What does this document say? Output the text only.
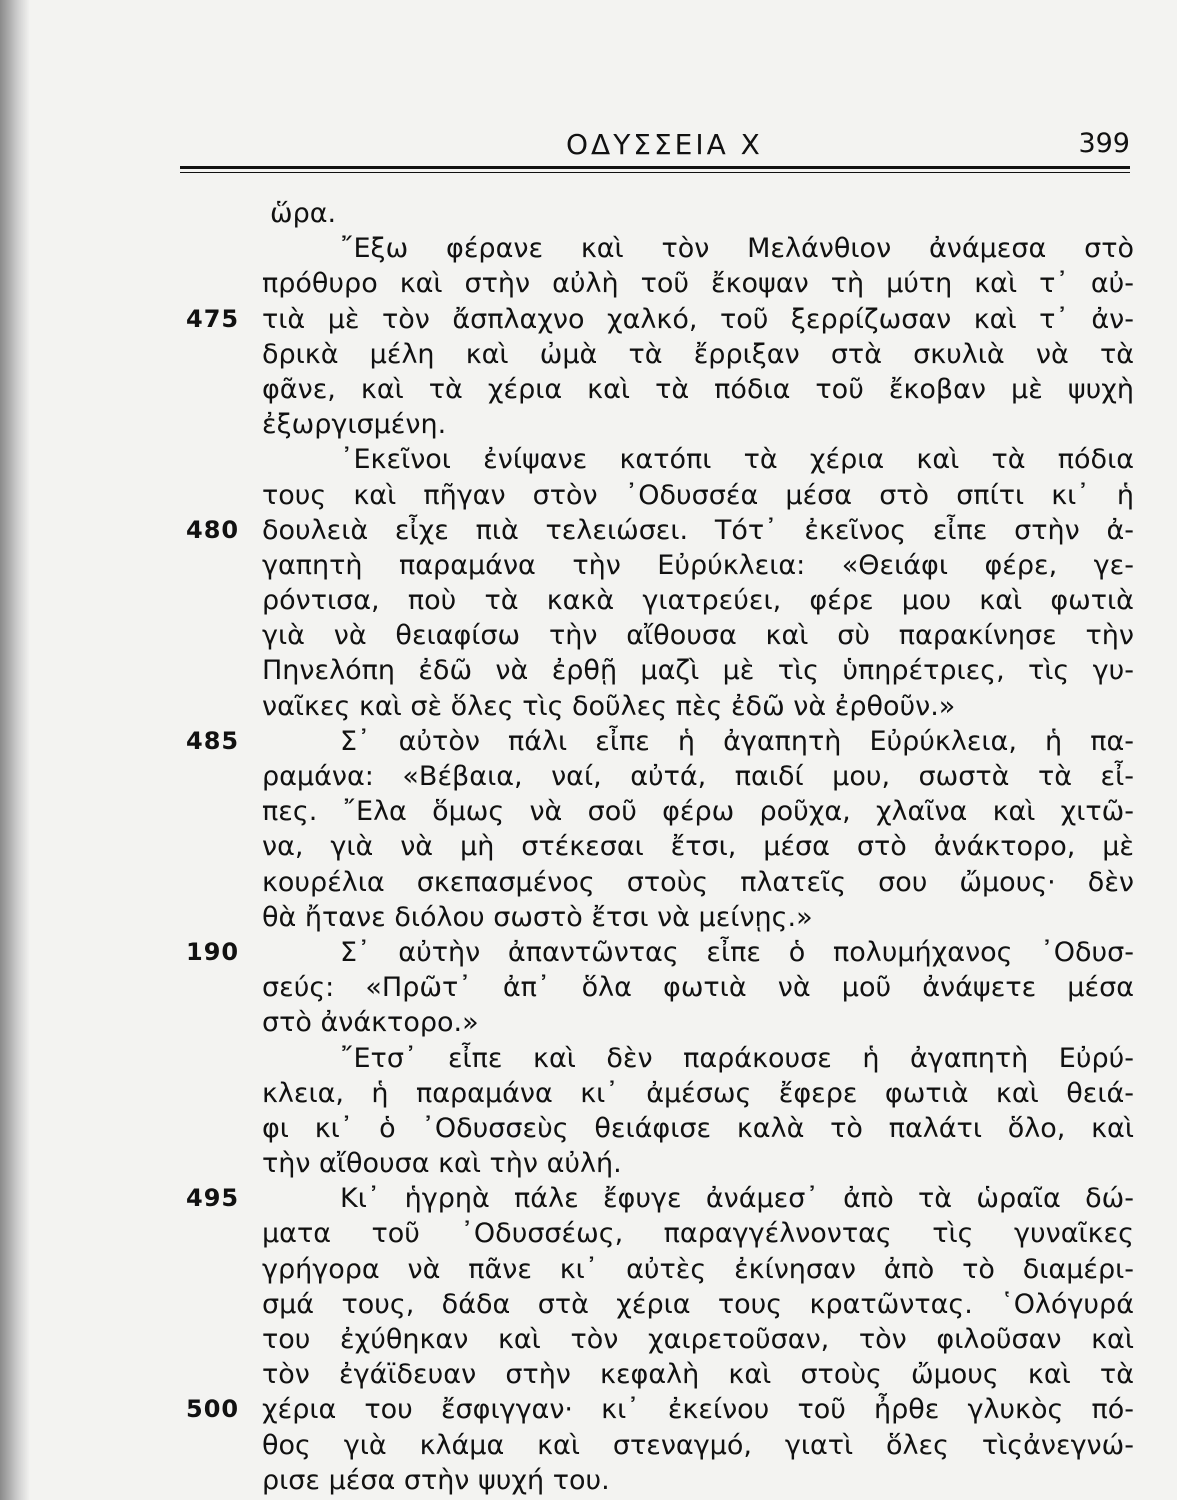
ΟΔΥΣΣΕΙΑ Χ	399
ὥρα.
῎Εξω φέρανε καὶ τὸν Μελάνθιον ἀνάμεσα στὸ
πρόθυρο καὶ στὴν αὐλὴ τοῦ ἔκοψαν τὴ μύτη καὶ τ᾿ αὐ-
475 τιὰ μὲ τὸν ἄσπλαχνο χαλκό, τοῦ ξερρίζωσαν καὶ τ᾿ ἀν-
δρικὰ μέλη καὶ ὠμὰ τὰ ἔρριξαν στὰ σκυλιὰ νὰ τὰ
φᾶνε, καὶ τὰ χέρια καὶ τὰ πόδια τοῦ ἔκοβαν μὲ ψυχὴ
ἐξωργισμένη.
᾿Εκεῖνοι ἐνίψανε κατόπι τὰ χέρια καὶ τὰ πόδια
τους καὶ πῆγαν στὸν ᾿Οδυσσέα μέσα στὸ σπίτι κι᾿ ἡ
480 δουλειὰ εἶχε πιὰ τελειώσει. Τότ᾿ ἐκεῖνος εἶπε στὴν ἀ-
γαπητὴ παραμάνα τὴν Εὐρύκλεια: «Θειάφι φέρε, γε-
ρόντισα, ποὺ τὰ κακὰ γιατρεύει, φέρε μου καὶ φωτιὰ
γιὰ νὰ θειαφίσω τὴν αἴθουσα καὶ σὺ παρακίνησε τὴν
Πηνελόπη ἐδῶ νὰ ἐρθῇ μαζὶ μὲ τὶς ὑπηρέτριες, τὶς γυ-
ναῖκες καὶ σὲ ὅλες τὶς δοῦλες πὲς ἐδῶ νὰ ἐρθοῦν.»
485	Σ᾿ αὐτὸν πάλι εἶπε ἡ ἀγαπητὴ Εὐρύκλεια, ἡ πα-
ραμάνα: «Βέβαια, ναί, αὐτά, παιδί μου, σωστὰ τὰ εἶ-
πες. ῎Ελα ὅμως νὰ σοῦ φέρω ροῦχα, χλαῖνα καὶ χιτῶ-
να, γιὰ νὰ μὴ στέκεσαι ἔτσι, μέσα στὸ ἀνάκτορο, μὲ
κουρέλια σκεπασμένος στοὺς πλατεῖς σου ὤμους· δὲν
θὰ ἤτανε διόλου σωστὸ ἔτσι νὰ μείνῃς.»
190	Σ᾿ αὐτὴν ἀπαντῶντας εἶπε ὁ πολυμήχανος ᾿Οδυσ-
σεύς: «Πρῶτ᾿ ἀπ᾿ ὅλα φωτιὰ νὰ μοῦ ἀνάψετε μέσα
στὸ ἀνάκτορο.»
῎Ετσ᾿ εἶπε καὶ δὲν παράκουσε ἡ ἀγαπητὴ Εὐρύ-
κλεια, ἡ παραμάνα κι᾿ ἀμέσως ἔφερε φωτιὰ καὶ θειά-
φι κι᾿ ὁ ᾿Οδυσσεὺς θειάφισε καλὰ τὸ παλάτι ὅλο, καὶ
τὴν αἴθουσα καὶ τὴν αὐλή.
495	Κι᾿ ἡγρηὰ πάλε ἔφυγε ἀνάμεσ᾿ ἀπὸ τὰ ὡραῖα δώ-
ματα τοῦ ᾿Οδυσσέως, παραγγέλνοντας τὶς γυναῖκες
γρήγορα νὰ πᾶνε κι᾿ αὐτὲς ἐκίνησαν ἀπὸ τὸ διαμέρι-
σμά τους, δάδα στὰ χέρια τους κρατῶντας. ῾Ολόγυρά
του ἐχύθηκαν καὶ τὸν χαιρετοῦσαν, τὸν φιλοῦσαν καὶ
τὸν ἐγάϊδευαν στὴν κεφαλὴ καὶ στοὺς ὤμους καὶ τὰ
500 χέρια του ἔσφιγγαν· κι᾿ ἐκείνου τοῦ ἦρθε γλυκὸς πό-
θος γιὰ κλάμα καὶ στεναγμό, γιατὶ ὅλες τὶςἀνεγνώ-
ρισε μέσα στὴν ψυχή του.
